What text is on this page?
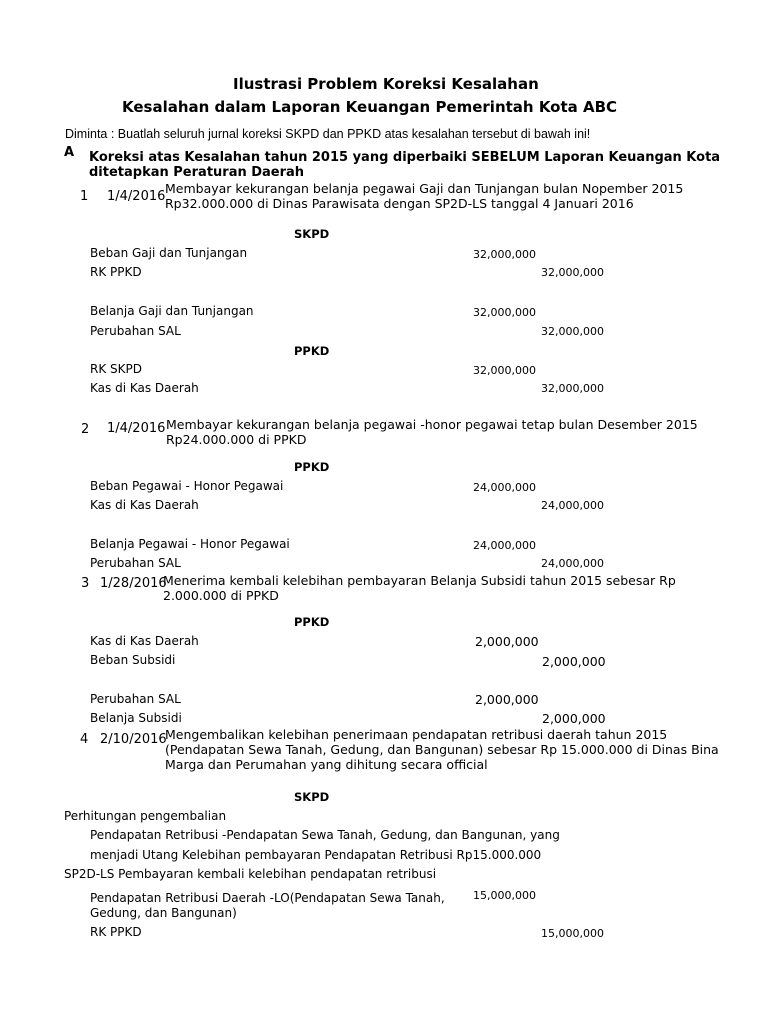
Ilustrasi Problem Koreksi Kesalahan
Kesalahan dalam Laporan Keuangan Pemerintah Kota ABC
Diminta : Buatlah seluruh jurnal koreksi SKPD dan PPKD atas kesalahan tersebut di bawah ini!
A Koreksi atas Kesalahan tahun 2015 yang diperbaiki SEBELUM Laporan Keuangan Kota
ditetapkan Peraturan Daerah
1 1/4/2016
Membayar kekurangan belanja pegawai Gaji dan Tunjangan bulan Nopember 2015
Rp32.000.000 di Dinas Parawisata dengan SP2D-LS tanggal 4 Januari 2016
SKPD
Beban Gaji dan Tunjangan	32,000,000
RK PPKD	32,000,000
Belanja Gaji dan Tunjangan	32,000,000
Perubahan SAL	32,000,000
PPKD
RK SKPD	32,000,000
Kas di Kas Daerah	32,000,000
2 1/4/2016 Membayar kekurangan belanja pegawai -honor pegawai tetap bulan Desember 2015
Rp24.000.000 di PPKD
PPKD
Beban Pegawai - Honor Pegawai	24,000,000
Kas di Kas Daerah	24,000,000
Belanja Pegawai - Honor Pegawai	24,000,000
Perubahan SAL	24,000,000
3 1/28/2016
Menerima kembali kelebihan pembayaran Belanja Subsidi tahun 2015 sebesar Rp
2.000.000 di PPKD
PPKD
Kas di Kas Daerah	2,000,000
Beban Subsidi	2,000,000
Perubahan SAL	2,000,000
Belanja Subsidi	2,000,000
4 2/10/2016
Mengembalikan kelebihan penerimaan pendapatan retribusi daerah tahun 2015
(Pendapatan Sewa Tanah, Gedung, dan Bangunan) sebesar Rp 15.000.000 di Dinas Bina
Marga dan Perumahan yang dihitung secara official
SKPD
Perhitungan pengembalian
Pendapatan Retribusi -Pendapatan Sewa Tanah, Gedung, dan Bangunan, yang
menjadi Utang Kelebihan pembayaran Pendapatan Retribusi Rp15.000.000
SP2D-LS Pembayaran kembali kelebihan pendapatan retribusi
Pendapatan Retribusi Daerah -LO(Pendapatan Sewa Tanah,
Gedung, dan Bangunan)
15,000,000
RK PPKD	15,000,000
